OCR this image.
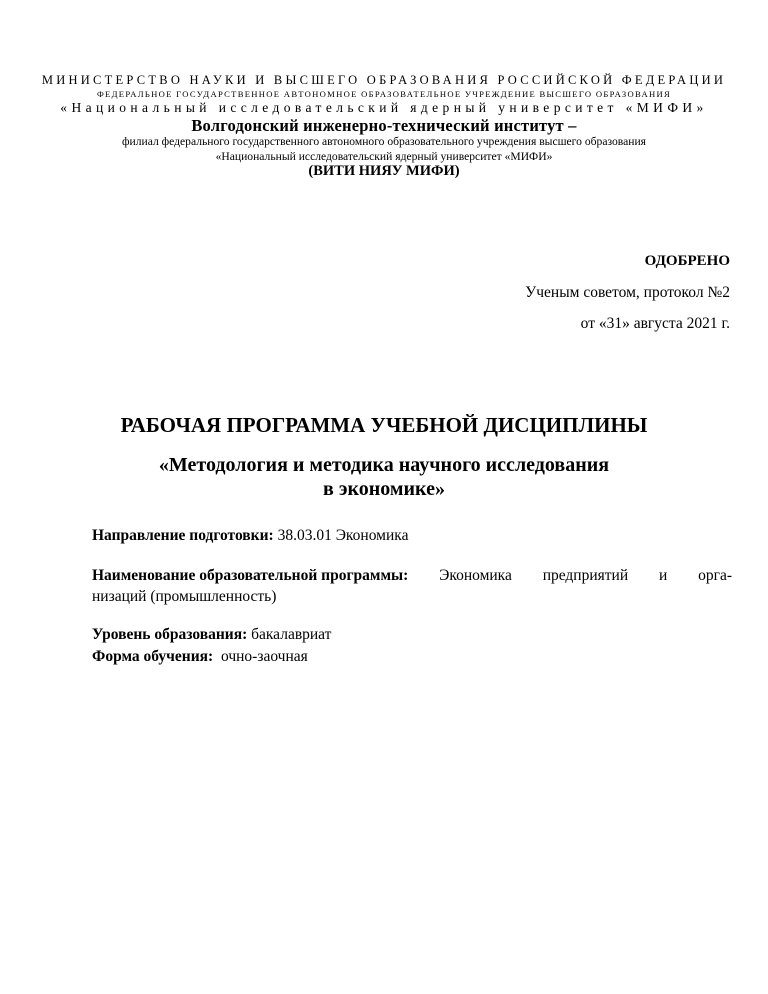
МИНИСТЕРСТВО НАУКИ И ВЫСШЕГО ОБРАЗОВАНИЯ РОССИЙСКОЙ ФЕДЕРАЦИИ
ФЕДЕРАЛЬНОЕ ГОСУДАРСТВЕННОЕ АВТОНОМНОЕ ОБРАЗОВАТЕЛЬНОЕ УЧРЕЖДЕНИЕ ВЫСШЕГО ОБРАЗОВАНИЯ
«Национальный исследовательский ядерный университет «МИФИ»
Волгодонский инженерно-технический институт –
филиал федерального государственного автономного образовательного учреждения высшего образования
«Национальный исследовательский ядерный университет «МИФИ»
(ВИТИ НИЯУ МИФИ)
ОДОБРЕНО
Ученым советом, протокол №2
от «31» августа 2021 г.
РАБОЧАЯ ПРОГРАММА УЧЕБНОЙ ДИСЦИПЛИНЫ
«Методология и методика научного исследования
в экономике»
Направление подготовки: 38.03.01 Экономика
Наименование образовательной программы: Экономика предприятий и орга-
низаций (промышленность)
Уровень образования: бакалавриат
Форма обучения: очно-заочная
